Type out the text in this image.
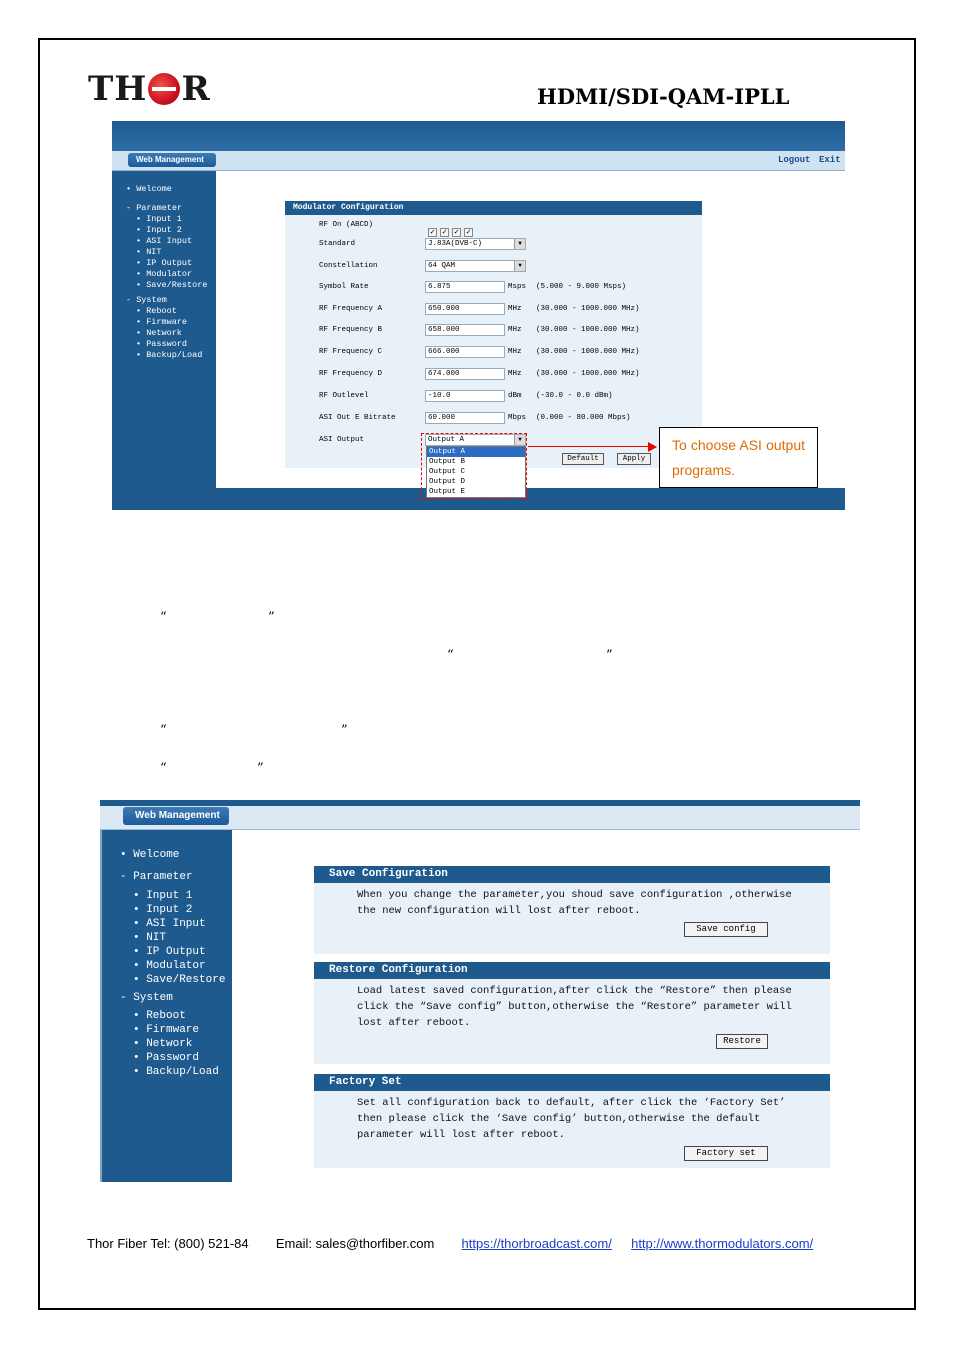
TH R	HDMI/SDI-QAM-IPLL
Web Management	Logout Exit
• Welcome
- Parameter
• Input 1
• Input 2
• ASI Input
• NIT
• IP Output
• Modulator
• Save/Restore
- System
• Reboot
• Firmware
• Network
• Password
• Backup/Load
Modulator Configuration
RF On (ABCD)
✓ ✓ ✓ ✓
Standard	J.83A(DVB-C)	▼
Constellation	64 QAM	▼
Symbol Rate	6.875	Msps (5.000 - 9.000 Msps)
RF Frequency A	650.000	MHz (30.000 - 1000.000 MHz)
RF Frequency B	658.000	MHz (30.000 - 1000.000 MHz)
RF Frequency C	666.000	MHz (30.000 - 1000.000 MHz)
RF Frequency D	674.000	MHz (30.000 - 1000.000 MHz)
RF Outlevel	-10.0	dBm (-30.0 - 0.0 dBm)
ASI Out E Bitrate	60.000	Mbps (0.000 - 80.000 Mbps)
ASI Output	Output A	▼
Default	Apply
Output A
Output B
Output C
Output D
Output E
To choose ASI output programs.
“	”
“	”
“	”
“	”
Web Management
• Welcome
- Parameter
• Input 1
• Input 2
• ASI Input
• NIT
• IP Output
• Modulator
• Save/Restore
- System
• Reboot
• Firmware
• Network
• Password
• Backup/Load
Save Configuration
When you change the parameter,you shoud save configuration ,otherwise
the new configuration will lost after reboot.
Save config
Restore Configuration
Load latest saved configuration,after click the “Restore” then please
click the “Save config” button,otherwise the “Restore” parameter will
lost after reboot.
Restore
Factory Set
Set all configuration back to default, after click the ‘Factory Set’
then please click the ‘Save config’ button,otherwise the default
parameter will lost after reboot.
Factory set
Thor Fiber Tel: (800) 521-84 Email: sales@thorfiber.com https://thorbroadcast.com/ http://www.thormodulators.com/
